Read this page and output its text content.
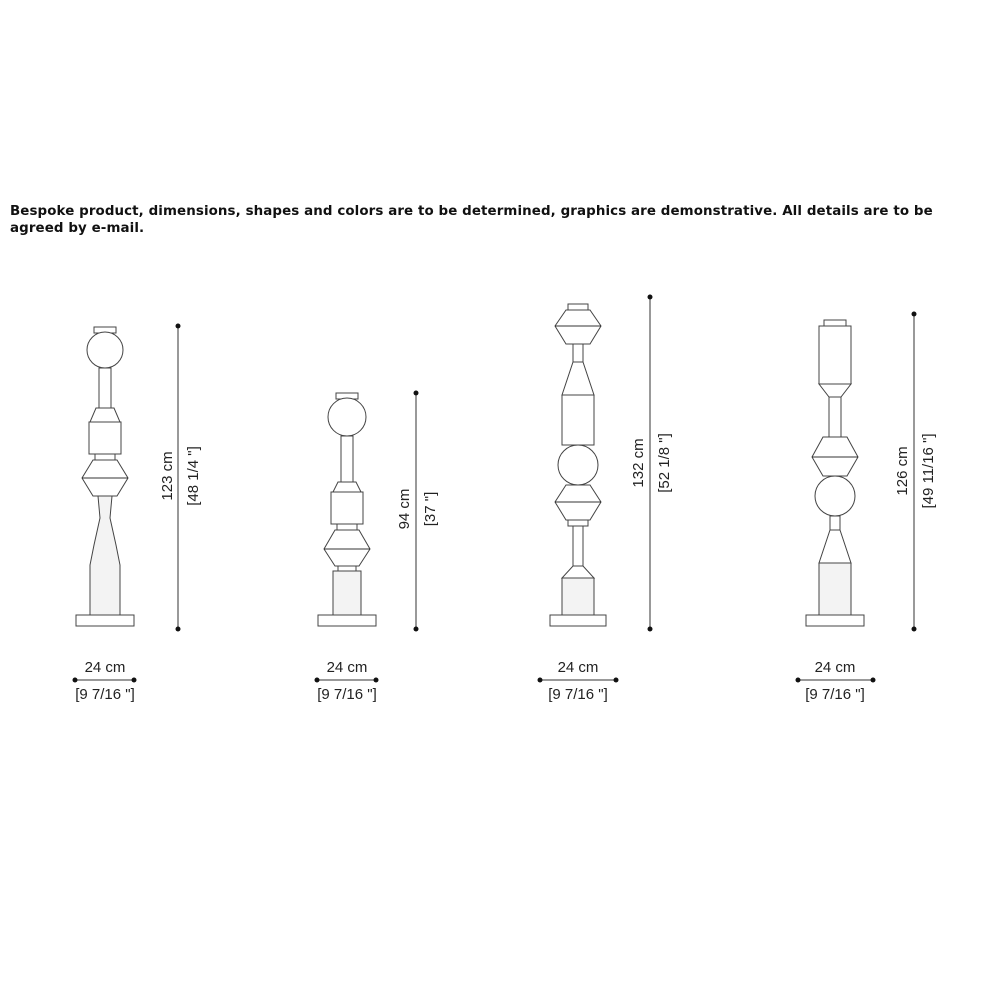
Bespoke product, dimensions, shapes and colors are to be determined, graphics are demonstrative. All details are to be agreed by e-mail.
123 cm [48 1/4 "]
24 cm
[9 7/16 "]
94 cm [37 "]
24 cm
[9 7/16 "]
132 cm [52 1/8 "]
24 cm
[9 7/16 "]
126 cm [49 11/16 "]
24 cm
[9 7/16 "]
